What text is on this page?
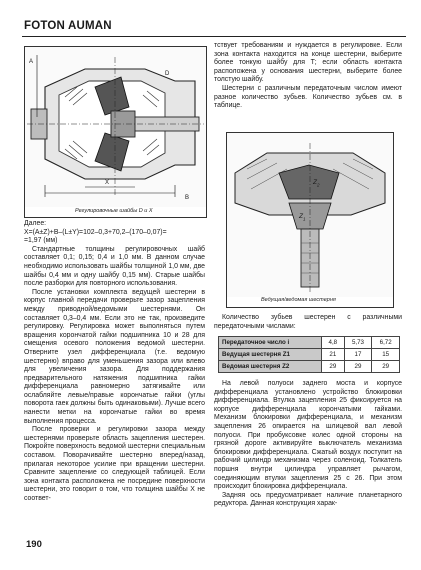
FOTON AUMAN
X
A
B
D
Регулировочные шайбы D и Х

Далее:

X=(A±Z)+B–(L±Y)=102–0,3+70,2–(170–0,07)=

=1,97 (мм)

Стандартные толщины регулировочных шайб составляет 0,1; 0,15; 0,4 и 1,0 мм. В данном случае необходимо использовать шайбы толщиной 1,0 мм, две шайбы 0,4 мм и одну шайбу 0,15 мм). Старые шайбы после разборки для повторного использования.

После установки комплекта ведущей шестерни в корпус главной передачи проверьте зазор зацепления между приводной/ведомыми шестернями. Он составляет 0,3–0,4 мм. Если это не так, произведите регулировку. Регулировка может выполняться путем вращения корончатой гайки подшипника 10 и 28 для смещения осевого положения ведомой шестерни. Отверните узел дифференциала (т.е. ведомую шестерню) вправо для уменьшения зазора или влево для увеличения зазора. Для поддержания предварительного натяжения подшипника гайки дифференциала равномерно затягивайте или ослабляйте левые/правые корончатые гайки (углы поворота гаек должны быть одинаковыми). Лучше всего нанести метки на корончатые гайки во время выполнения процесса.

После проверки и регулировки зазора между шестернями проверьте область зацепления шестерен. Покройте поверхность ведомой шестерни специальным составом. Поворачивайте шестерню вперед/назад, прилагая некоторое усилие при вращении шестерни. Сравните зацепление со следующей таблицей. Если зона контакта расположена не посредине поверхности шестерни, это говорит о том, что толщина шайбы Х не соответ-

тствует требованиям и нуждается в регулировке. Если зона контакта находится на конце шестерни, выберите более тонкую шайбу для Т; если область контакта расположена у основания шестерни, выберите более толстую шайбу.

Шестерни с различным передаточным числом имеют разное количество зубьев. Количество зубьев см. в таблице.

$Z_2$
$Z_1$
Ведущая/ведомая шестерня

Количество зубьев шестерен с различными передаточными числами:

Передаточное число i	4,8	5,73	6,72
Ведущая шестерня Z1	21	17	15
Ведомая шестерня Z2	29	29	29

На левой полуоси заднего моста и корпусе дифференциала установлено устройство блокировки дифференциала. Втулка зацепления 25 фиксируется на корпусе дифференциала корончатыми гайками. Механизм блокировки дифференциала, и механизм зацепления 26 опирается на шлицевой вал левой полуоси. При пробуксовке колес одной стороны на грязной дороге активируйте выключатель механизма блокировки дифференциала. Сжатый воздух поступит на рабочий цилиндр механизма через соленоид. Толкатель поршня внутри цилиндра управляет рычагом, соединяющим втулки зацепления 25 с 26. При этом происходит блокировка дифференциала.

Задняя ось предусматривает наличие планетарного редуктора. Данная конструкция харак-

190
